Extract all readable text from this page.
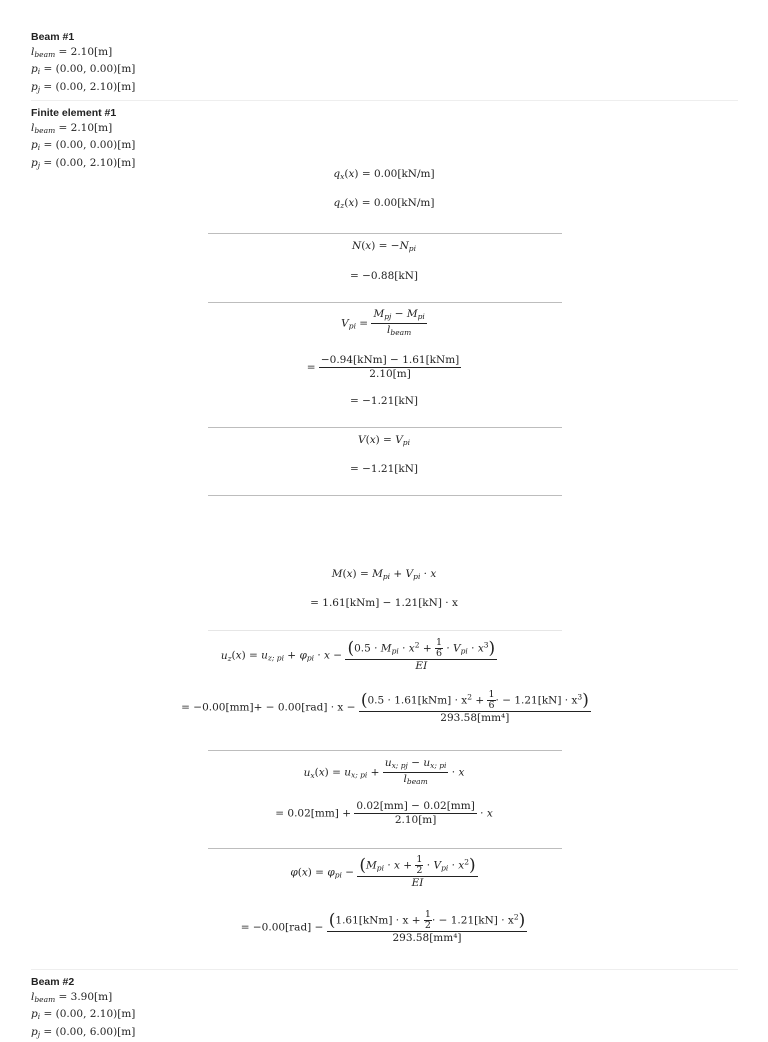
Beam #1
$l_{beam} = 2.10[m]$
$p_i = (0.00$, 0.00)[m]
$p_j = (0.00$, 2.10)[m]
Finite element #1
$l_{beam} = 2.10[m]$
$p_i = (0.00$, 0.00)[m]
$p_j = (0.00$, 2.10)[m]
$q_x(x) = 0.00[kN/m]$
$q_z(x) = 0.00[kN/m]$
$N(x) = -N_{pi}$
= −0.88[kN]
$V_{pi} = \frac{M_{pj} - M_{pi}}{l_{beam}}$
= $\frac{\text{−0.94[kNm] − 1.61[kNm]}}{2.10[m]}$
= −1.21[kN]
$V(x) = V_{pi}$
= −1.21[kN]
$M(x) = M_{pi} + V_{pi} \cdot x$
= 1.61[kNm] − 1.21[kN] · x
$u_z(x) = u_{z; pi} + \varphi_{pi} \cdot x - \frac{(0.5 \cdot M_{pi} \cdot x^2 + \frac{1}{6} \cdot V_{pi} \cdot x^3)}{EI}$
= $-0.00[mm]+ - 0.00[rad] \cdot x - \frac{(0.5 \cdot 1.61[kNm] \cdot x^2 + \frac{1}{6} \cdot - 1.21[kN] \cdot x^3)}{\text{293.58[mm⁴]}}$
$u_x(x) = u_{x; pi} + \frac{u_{x; pj} - u_{x; pi}}{l_{beam}} \cdot x$
= $0.02[mm] + \frac{0.02[mm] - 0.02[mm]}{2.10[m]} \cdot x$
$\varphi(x) = \varphi_{pi} - \frac{(M_{pi} \cdot x + \frac{1}{2} \cdot V_{pi} \cdot x^2)}{EI}$
= $-0.00[rad] - \frac{(1.61[kNm] \cdot x + \frac{1}{2} \cdot - 1.21[kN] \cdot x^2)}{\text{293.58[mm⁴]}}$
Beam #2
$l_{beam} = 3.90[m]$
$p_i = (0.00$, 2.10)[m]
$p_j = (0.00$, 6.00)[m]
